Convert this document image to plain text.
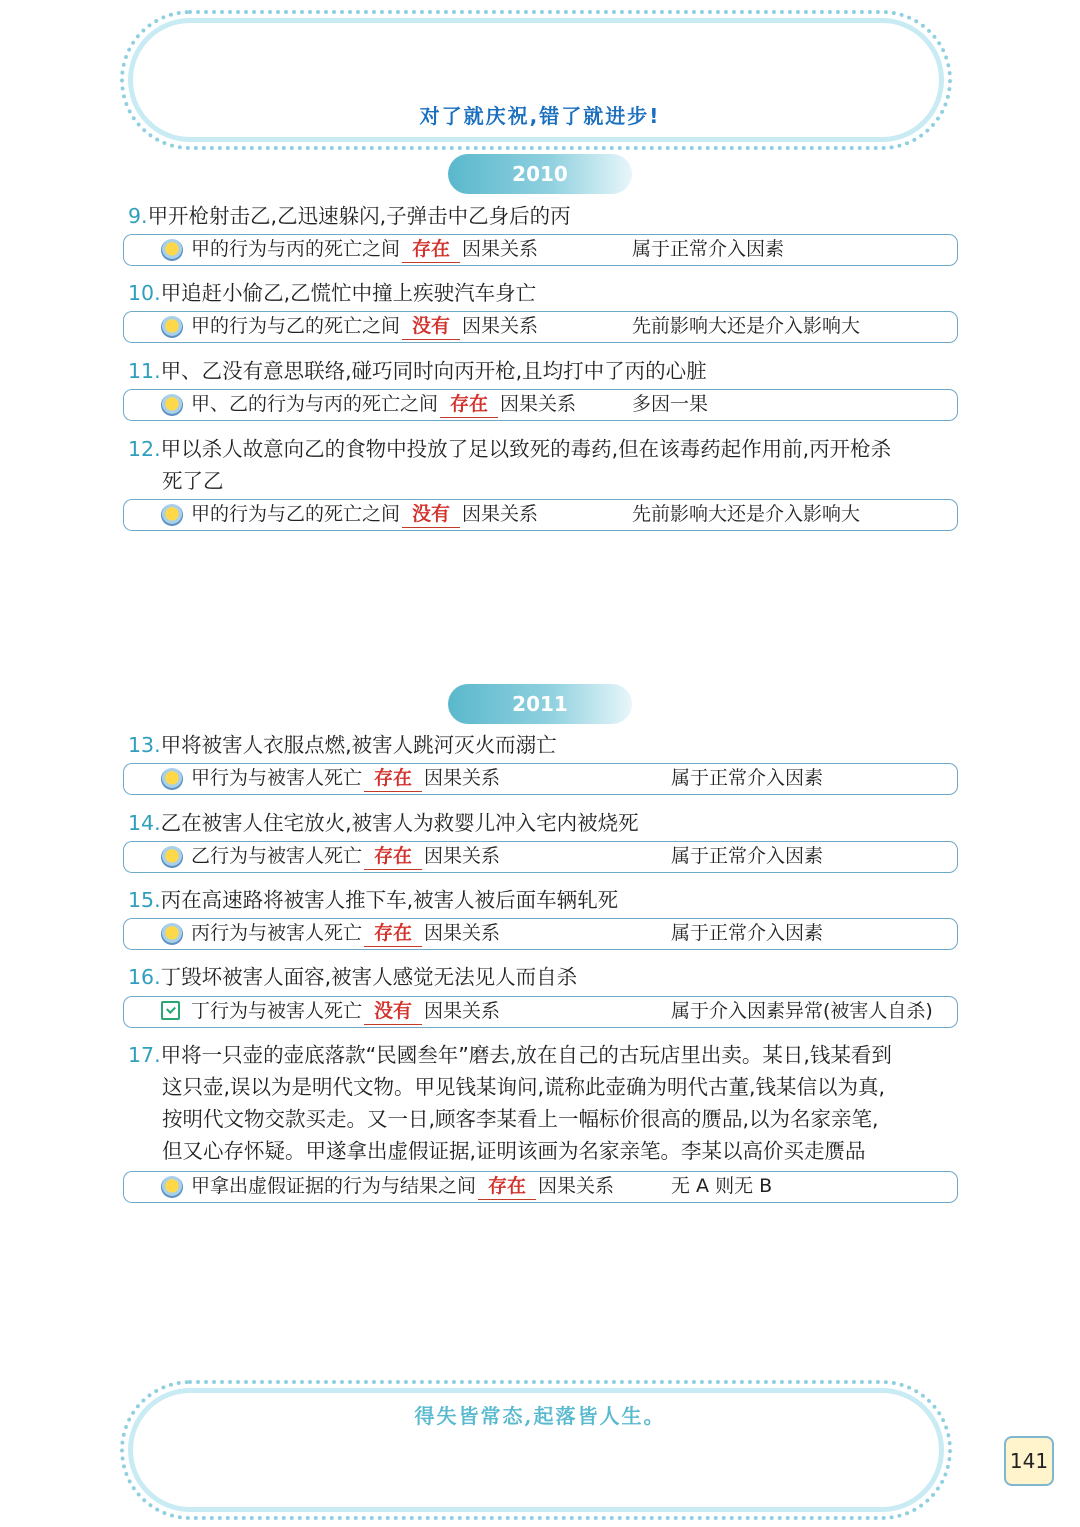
对了就庆祝,错了就进步!
2010
9.甲开枪射击乙,乙迅速躲闪,子弹击中乙身后的丙
甲的行为与丙的死亡之间 存在 因果关系	属于正常介入因素
10.甲追赶小偷乙,乙慌忙中撞上疾驶汽车身亡
甲的行为与乙的死亡之间 没有 因果关系	先前影响大还是介入影响大
11.甲、乙没有意思联络,碰巧同时向丙开枪,且均打中了丙的心脏
甲、乙的行为与丙的死亡之间 存在 因果关系	多因一果
12.甲以杀人故意向乙的食物中投放了足以致死的毒药,但在该毒药起作用前,丙开枪杀
死了乙
甲的行为与乙的死亡之间 没有 因果关系	先前影响大还是介入影响大
2011
13.甲将被害人衣服点燃,被害人跳河灭火而溺亡
甲行为与被害人死亡 存在 因果关系	属于正常介入因素
14.乙在被害人住宅放火,被害人为救婴儿冲入宅内被烧死
乙行为与被害人死亡 存在 因果关系	属于正常介入因素
15.丙在高速路将被害人推下车,被害人被后面车辆轧死
丙行为与被害人死亡 存在 因果关系	属于正常介入因素
16.丁毁坏被害人面容,被害人感觉无法见人而自杀
丁行为与被害人死亡 没有 因果关系	属于介入因素异常(被害人自杀)
17.甲将一只壶的壶底落款“民國叁年”磨去,放在自己的古玩店里出卖。某日,钱某看到
这只壶,误以为是明代文物。甲见钱某询问,谎称此壶确为明代古董,钱某信以为真,
按明代文物交款买走。又一日,顾客李某看上一幅标价很高的赝品,以为名家亲笔,
但又心存怀疑。甲遂拿出虚假证据,证明该画为名家亲笔。李某以高价买走赝品
甲拿出虚假证据的行为与结果之间 存在 因果关系	无 A 则无 B
得失皆常态,起落皆人生。
141
